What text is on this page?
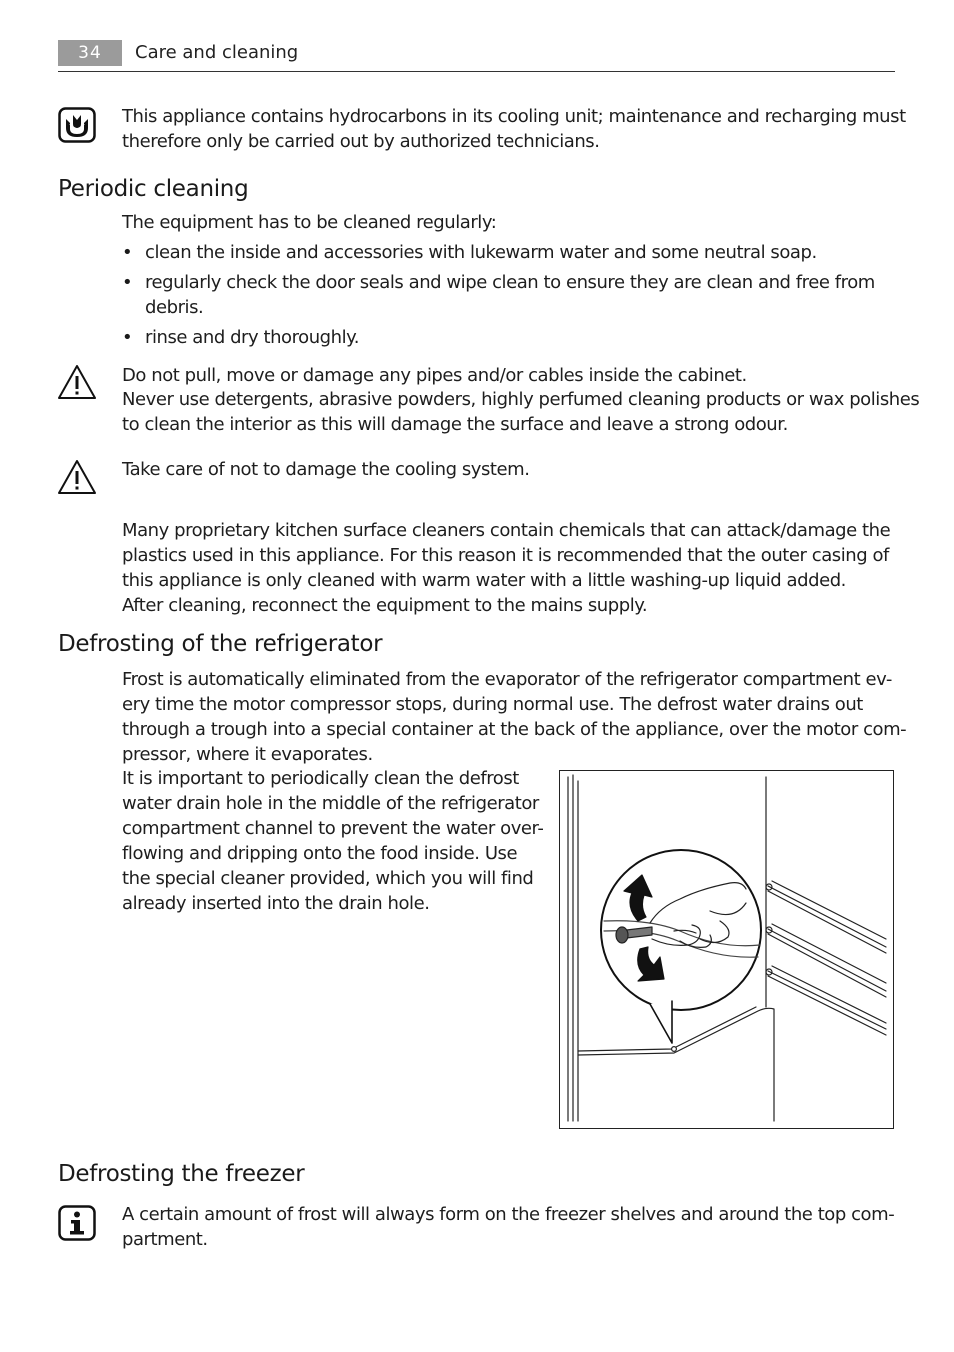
34	Care and cleaning
This appliance contains hydrocarbons in its cooling unit; maintenance and recharging must
therefore only be carried out by authorized technicians.
Periodic cleaning
The equipment has to be cleaned regularly:
• clean the inside and accessories with lukewarm water and some neutral soap.
• regularly check the door seals and wipe clean to ensure they are clean and free from
debris.
• rinse and dry thoroughly.
Do not pull, move or damage any pipes and/or cables inside the cabinet.
Never use detergents, abrasive powders, highly perfumed cleaning products or wax polishes
to clean the interior as this will damage the surface and leave a strong odour.
Take care of not to damage the cooling system.
Many proprietary kitchen surface cleaners contain chemicals that can attack/damage the
plastics used in this appliance. For this reason it is recommended that the outer casing of
this appliance is only cleaned with warm water with a little washing-up liquid added.
After cleaning, reconnect the equipment to the mains supply.
Defrosting of the refrigerator
Frost is automatically eliminated from the evaporator of the refrigerator compartment ev-
ery time the motor compressor stops, during normal use. The defrost water drains out
through a trough into a special container at the back of the appliance, over the motor com-
pressor, where it evaporates.
It is important to periodically clean the defrost
water drain hole in the middle of the refrigerator
compartment channel to prevent the water over-
flowing and dripping onto the food inside. Use
the special cleaner provided, which you will find
already inserted into the drain hole.
Defrosting the freezer
A certain amount of frost will always form on the freezer shelves and around the top com-
partment.
